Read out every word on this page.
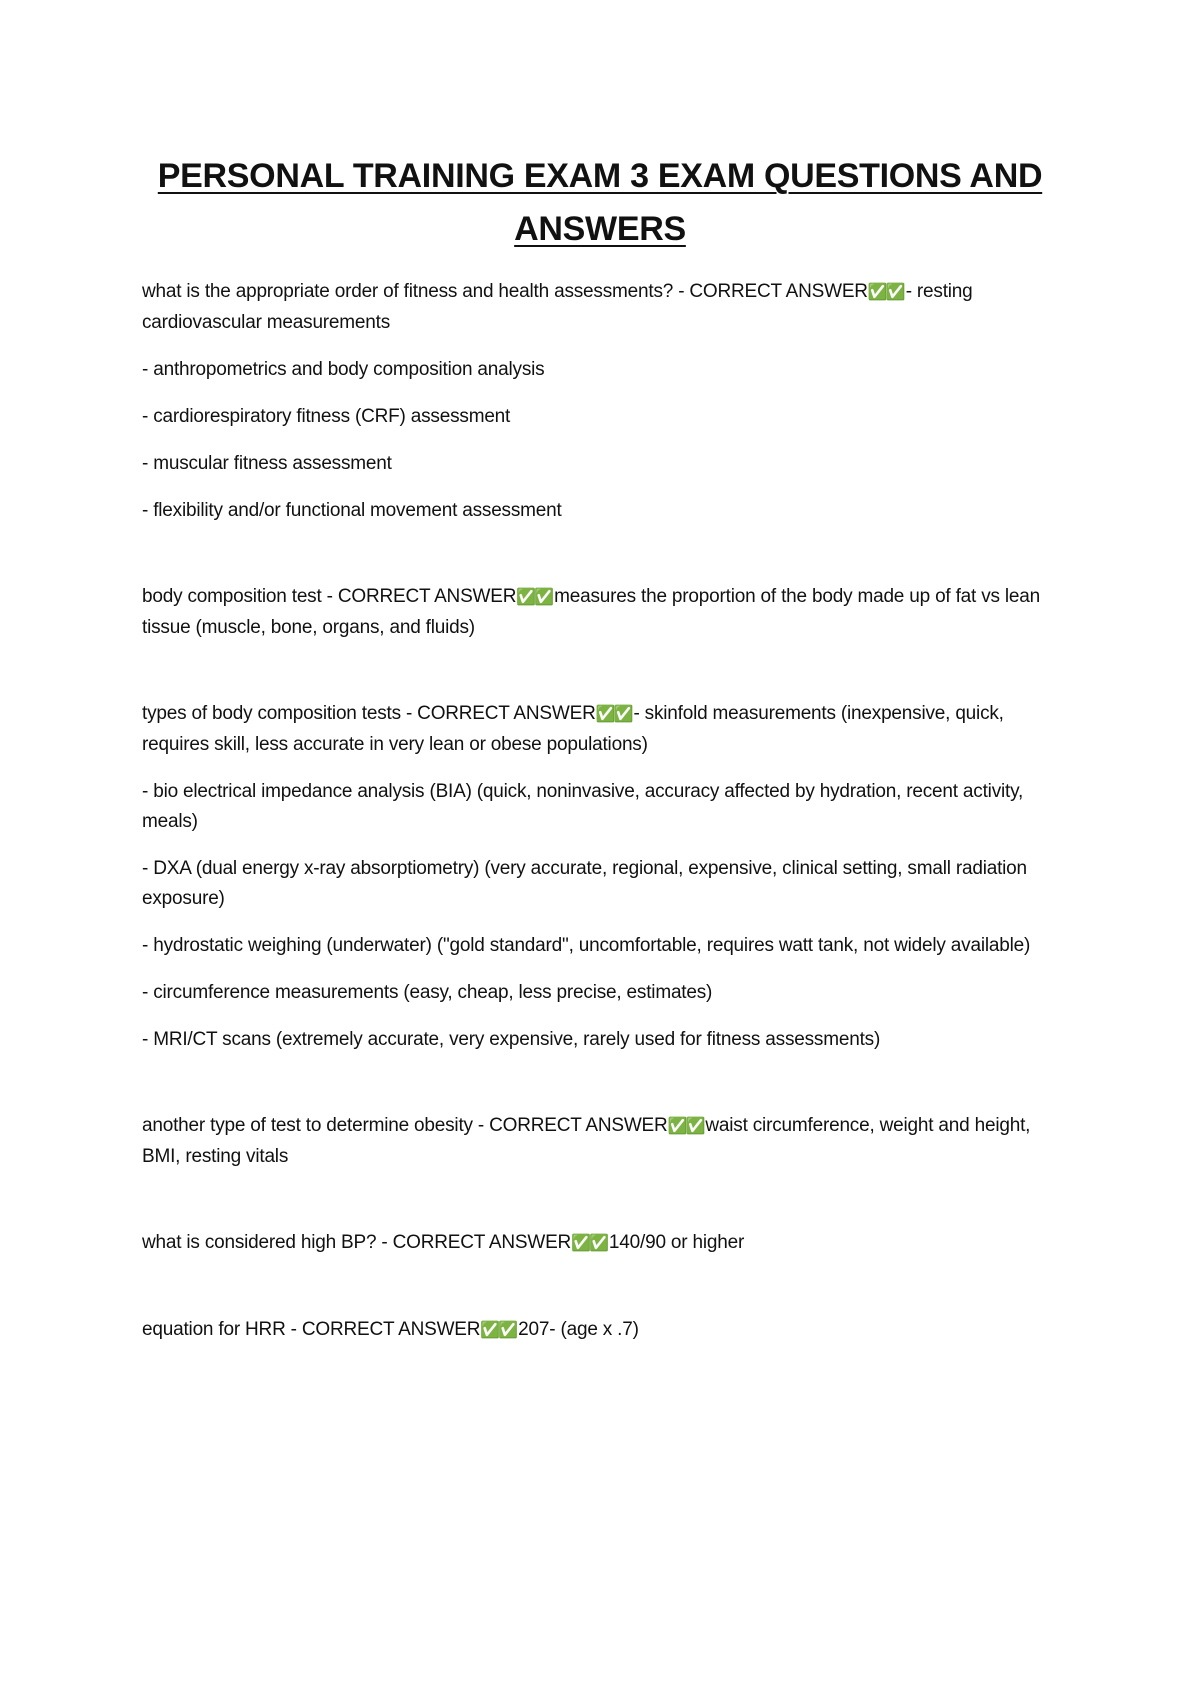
PERSONAL TRAINING EXAM 3 EXAM QUESTIONS AND
ANSWERS

what is the appropriate order of fitness and health assessments? - CORRECT ANSWER✅✅ - resting cardiovascular measurements

- anthropometrics and body composition analysis

- cardiorespiratory fitness (CRF) assessment

- muscular fitness assessment

- flexibility and/or functional movement assessment

body composition test - CORRECT ANSWER✅✅ measures the proportion of the body made up of fat vs lean tissue (muscle, bone, organs, and fluids)

types of body composition tests - CORRECT ANSWER✅✅ - skinfold measurements (inexpensive, quick, requires skill, less accurate in very lean or obese populations)

- bio electrical impedance analysis (BIA) (quick, noninvasive, accuracy affected by hydration, recent activity, meals)

- DXA (dual energy x-ray absorptiometry) (very accurate, regional, expensive, clinical setting, small radiation exposure)

- hydrostatic weighing (underwater) ("gold standard", uncomfortable, requires watt tank, not widely available)

- circumference measurements (easy, cheap, less precise, estimates)

- MRI/CT scans (extremely accurate, very expensive, rarely used for fitness assessments)

another type of test to determine obesity - CORRECT ANSWER✅✅ waist circumference, weight and height, BMI, resting vitals

what is considered high BP? - CORRECT ANSWER✅✅ 140/90 or higher

equation for HRR - CORRECT ANSWER✅✅ 207- (age x .7)
